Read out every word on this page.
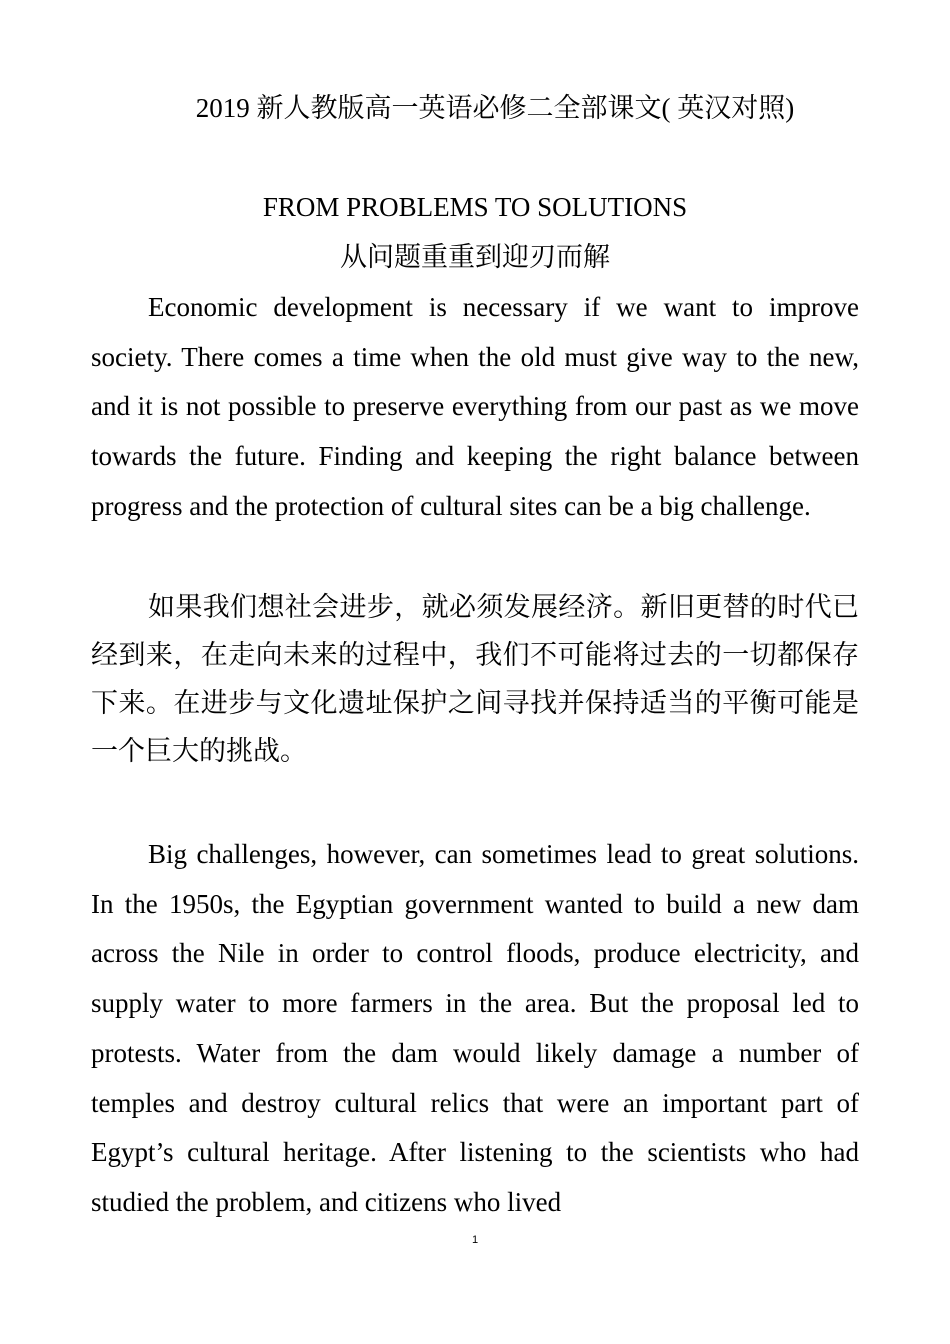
2019 新人教版高一英语必修二全部课文( 英汉对照)
FROM PROBLEMS TO SOLUTIONS
从问题重重到迎刃而解

Economic development is necessary if we want to improve society. There comes a time when the old must give way to the new, and it is not possible to preserve everything from our past as we move towards the future. Finding and keeping the right balance between progress and the protection of cultural sites can be a big challenge.

如果我们想社会进步，就必须发展经济。新旧更替的时代已经到来，在走向未来的过程中，我们不可能将过去的一切都保存下来。在进步与文化遗址保护之间寻找并保持适当的平衡可能是一个巨大的挑战。

Big challenges, however, can sometimes lead to great solutions. In the 1950s, the Egyptian government wanted to build a new dam across the Nile in order to control floods, produce electricity, and supply water to more farmers in the area. But the proposal led to protests. Water from the dam would likely damage a number of temples and destroy cultural relics that were an important part of Egypt’s cultural heritage. After listening to the scientists who had studied the problem, and citizens who lived

1
